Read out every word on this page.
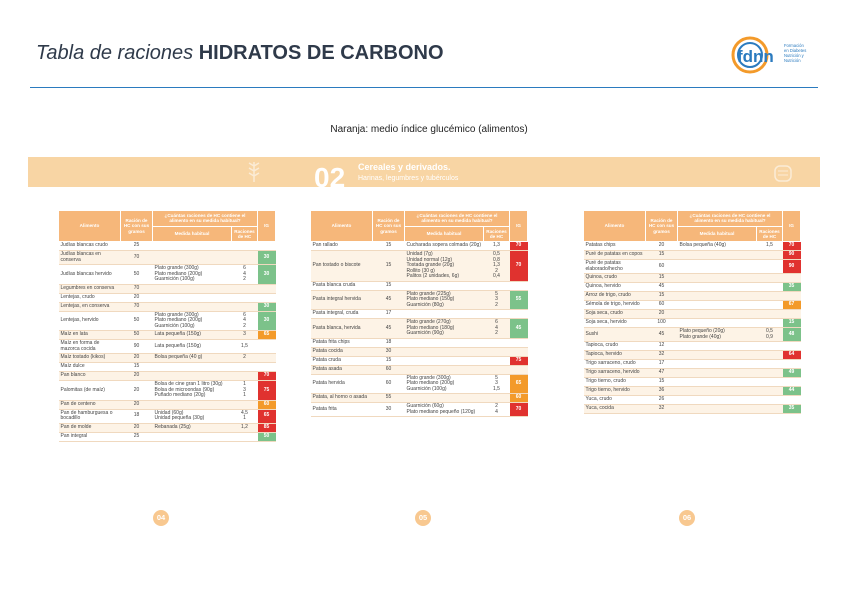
Tabla de raciones HIDRATOS DE CARBONO	fdnn
Formación
en Diabetes
Nutrición y
Nutrición
Naranja: medio índice glucémico (alimentos)
02 Cereales y derivados.
Harinas, legumbres y tubérculos
Alimento	Ración de HC con sus gramos	¿Cuántas raciones de HC contiene el alimento en su medida habitual?		IG
		Medida habitual	Raciones de HC	
Judías blancas crudo	25			
Judías blancas en conserva	70			30
Judías blancas hervido	50	Plato grande (300g)
Plato mediano (200g)
Guarnición (100g)	6
4
2	30
Legumbres en conserva	70			
Lentejas, crudo	20			
Lentejas, en conserva	70			30
Lentejas, hervido	50	Plato grande (300g)
Plato mediano (200g)
Guarnición (100g)	6
4
2	30
Maíz en lata	50	Lata pequeña (150g)	3	65
Maíz en forma de mazorca cocida	90	Lata pequeña (150g)	1,5	
Maíz tostado (kikos)	20	Bolsa pequeña (40 g)	2	
Maíz dulce	15			
Pan blanco	20			70
Palomitas (de maíz)	20	Bolsa de cine gran 1 litro (30g)
Bolsa de microondas (90g)
Puñado mediano (20g)	1
3
1	75
Pan de centeno	20			60
Pan de hamburguesa o bocadillo	18	Unidad (60g)
Unidad pequeña (30g)	4,5
1	65
Pan de molde	20	Rebanada (25g)	1,2	85
Pan integral	25			50
Alimento	Ración de HC con sus gramos	¿Cuántas raciones de HC contiene el alimento en su medida habitual?		IG
		Medida habitual	Raciones de HC	
Pan rallado	15	Cucharada sopera colmada (20g)	1,3	70
Pan tostado o biscote	15	Unidad (7g)
Unidad normal (12g)
Tostada grande (20g)
Rollito (30 g)
Palitos (2 unidades, 6g)	0,5
0,8
1,3
2
0,4	70
Pasta blanca cruda	15			
Pasta integral hervida	45	Plato grande (225g)
Plato mediano (150g)
Guarnición (80g)	5
3
2	55
Pasta integral, cruda	17			
Pasta blanca, hervida	45	Plato grande (270g)
Plato mediano (180g)
Guarnición (90g)	6
4
2	45
Patata frita chips	18			
Patata cocida	30			
Patata cruda	15			75
Patata asada	60			
Patata hervida	60	Plato grande (300g)
Plato mediano (200g)
Guarnición (100g)	5
3
1,5	65
Patata, al horno o asada	55			60
Patata frita	30	Guarnición (60g)
Plato mediano pequeño (120g)	2
4	70
Alimento	Ración de HC con sus gramos	¿Cuántas raciones de HC contiene el alimento en su medida habitual?		IG
		Medida habitual	Raciones de HC	
Patatas chips	20	Bolsa pequeña (40g)	1,5	70
Puré de patatas en copos	15			90
Puré de patatas elaborado/hecho	60			90
Quinoa, crudo	15			
Quinoa, hervido	45			35
Arroz de trigo, crudo	15			
Sémola de trigo, hervido	60			67
Soja seca, crudo	20			
Soja seca, hervido	100			15
Sushi	45	Plato pequeño (20g)
Plato grande (40g)	0,5
0,9	48
Tapioca, crudo	12			
Tapioca, hervido	32			64
Trigo sarraceno, crudo	17			
Trigo sarraceno, hervido	47			49
Trigo tierno, crudo	15			
Trigo tierno, hervido	36			44
Yuca, crudo	26			
Yuca, cocida	32			35
04	05	06
